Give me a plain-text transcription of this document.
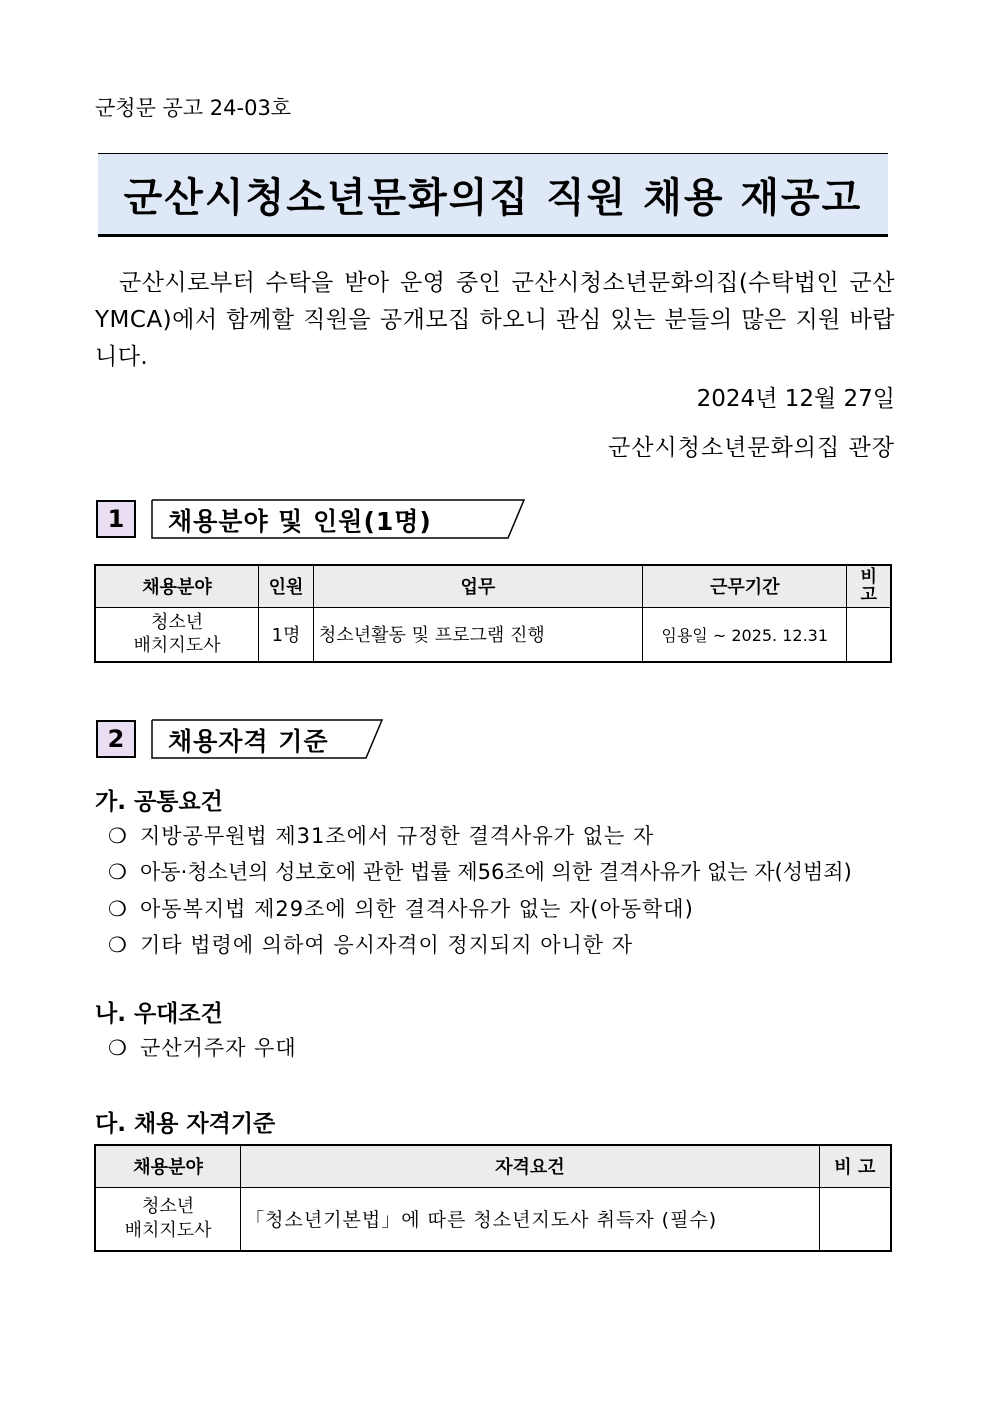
군청문 공고 24-03호
군산시청소년문화의집 직원 채용 재공고
군산시로부터 수탁을 받아 운영 중인 군산시청소년문화의집(수탁법인 군산YMCA)에서 함께할 직원을 공개모집 하오니 관심 있는 분들의 많은 지원 바랍니다.
2024년 12월 27일
군산시청소년문화의집 관장
1	채용분야 및 인원(1명)
채용분야	인원	업무	근무기간	비고

청소년
배치지도사	1명	청소년활동 및 프로그램 진행	임용일 ~ 2025. 12.31	
2	채용자격 기준
가. 공통요건
❍ 지방공무원법 제31조에서 규정한 결격사유가 없는 자
❍ 아동·청소년의 성보호에 관한 법률 제56조에 의한 결격사유가 없는 자(성범죄)
❍ 아동복지법 제29조에 의한 결격사유가 없는 자(아동학대)
❍ 기타 법령에 의하여 응시자격이 정지되지 아니한 자
나. 우대조건
❍ 군산거주자 우대
다. 채용 자격기준
채용분야	자격요건	비 고

청소년
배치지도사	「청소년기본법」에 따른 청소년지도사 취득자 (필수)	
